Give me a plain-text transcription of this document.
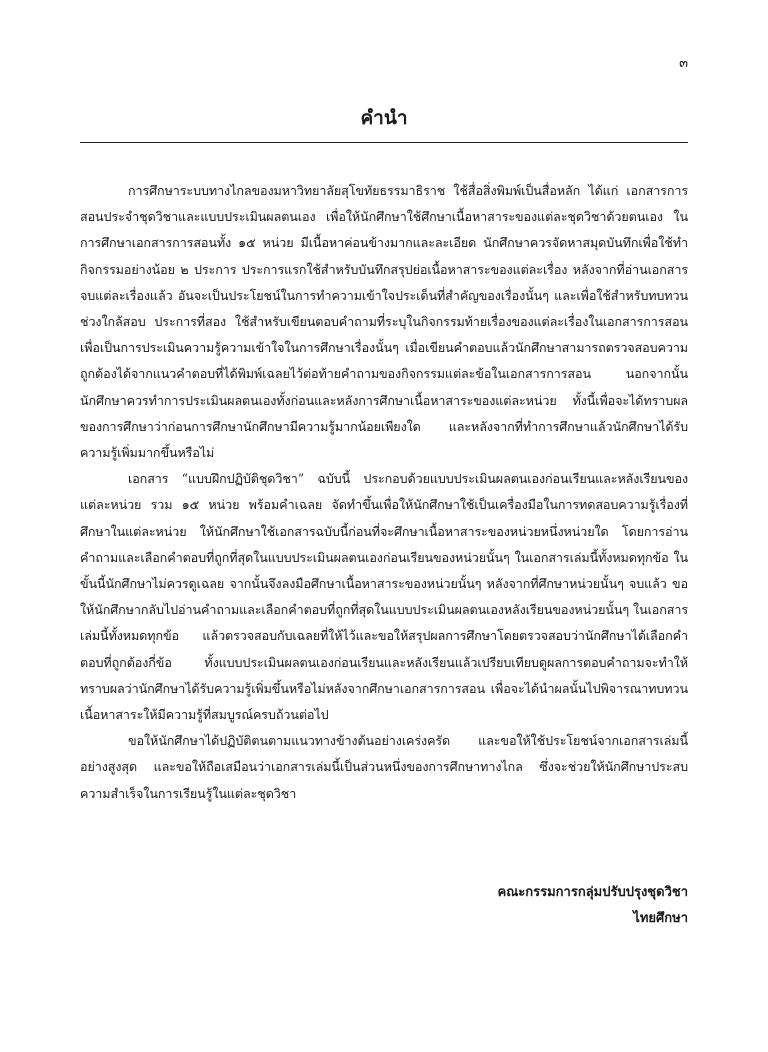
๓
คำนำ

การศึกษาระบบทางไกลของมหาวิทยาลัยสุโขทัยธรรมาธิราช ใช้สื่อสิ่งพิมพ์เป็นสื่อหลัก ได้แก่ เอกสารการสอนประจำชุดวิชาและแบบประเมินผลตนเอง เพื่อให้นักศึกษาใช้ศึกษาเนื้อหาสาระของแต่ละชุดวิชาด้วยตนเอง ในการศึกษาเอกสารการสอนทั้ง ๑๕ หน่วย มีเนื้อหาค่อนข้างมากและละเอียด นักศึกษาควรจัดหาสมุดบันทึกเพื่อใช้ทำกิจกรรมอย่างน้อย ๒ ประการ ประการแรกใช้สำหรับบันทึกสรุปย่อเนื้อหาสาระของแต่ละเรื่อง หลังจากที่อ่านเอกสารจบแต่ละเรื่องแล้ว อันจะเป็นประโยชน์ในการทำความเข้าใจประเด็นที่สำคัญของเรื่องนั้นๆ และเพื่อใช้สำหรับทบทวนช่วงใกล้สอบ ประการที่สอง ใช้สำหรับเขียนตอบคำถามที่ระบุในกิจกรรมท้ายเรื่องของแต่ละเรื่องในเอกสารการสอน เพื่อเป็นการประเมินความรู้ความเข้าใจในการศึกษาเรื่องนั้นๆ เมื่อเขียนคำตอบแล้วนักศึกษาสามารถตรวจสอบความถูกต้องได้จากแนวคำตอบที่ได้พิมพ์เฉลยไว้ต่อท้ายคำถามของกิจกรรมแต่ละข้อในเอกสารการสอน นอกจากนั้น นักศึกษาควรทำการประเมินผลตนเองทั้งก่อนและหลังการศึกษาเนื้อหาสาระของแต่ละหน่วย ทั้งนี้เพื่อจะได้ทราบผลของการศึกษาว่าก่อนการศึกษานักศึกษามีความรู้มากน้อยเพียงใด และหลังจากที่ทำการศึกษาแล้วนักศึกษาได้รับความรู้เพิ่มมากขึ้นหรือไม่

เอกสาร “แบบฝึกปฏิบัติชุดวิชา” ฉบับนี้ ประกอบด้วยแบบประเมินผลตนเองก่อนเรียนและหลังเรียนของแต่ละหน่วย รวม ๑๕ หน่วย พร้อมคำเฉลย จัดทำขึ้นเพื่อให้นักศึกษาใช้เป็นเครื่องมือในการทดสอบความรู้เรื่องที่ศึกษาในแต่ละหน่วย ให้นักศึกษาใช้เอกสารฉบับนี้ก่อนที่จะศึกษาเนื้อหาสาระของหน่วยหนึ่งหน่วยใด โดยการอ่านคำถามและเลือกคำตอบที่ถูกที่สุดในแบบประเมินผลตนเองก่อนเรียนของหน่วยนั้นๆ ในเอกสารเล่มนี้ทั้งหมดทุกข้อ ในขั้นนี้นักศึกษาไม่ควรดูเฉลย จากนั้นจึงลงมือศึกษาเนื้อหาสาระของหน่วยนั้นๆ หลังจากที่ศึกษาหน่วยนั้นๆ จบแล้ว ขอให้นักศึกษากลับไปอ่านคำถามและเลือกคำตอบที่ถูกที่สุดในแบบประเมินผลตนเองหลังเรียนของหน่วยนั้นๆ ในเอกสารเล่มนี้ทั้งหมดทุกข้อ แล้วตรวจสอบกับเฉลยที่ให้ไว้และขอให้สรุปผลการศึกษาโดยตรวจสอบว่านักศึกษาได้เลือกคำตอบที่ถูกต้องกี่ข้อ ทั้งแบบประเมินผลตนเองก่อนเรียนและหลังเรียนแล้วเปรียบเทียบดูผลการตอบคำถามจะทำให้ทราบผลว่านักศึกษาได้รับความรู้เพิ่มขึ้นหรือไม่หลังจากศึกษาเอกสารการสอน เพื่อจะได้นำผลนั้นไปพิจารณาทบทวนเนื้อหาสาระให้มีความรู้ที่สมบูรณ์ครบถ้วนต่อไป

ขอให้นักศึกษาได้ปฏิบัติตนตามแนวทางข้างต้นอย่างเคร่งครัด และขอให้ใช้ประโยชน์จากเอกสารเล่มนี้อย่างสูงสุด และขอให้ถือเสมือนว่าเอกสารเล่มนี้เป็นส่วนหนึ่งของการศึกษาทางไกล ซึ่งจะช่วยให้นักศึกษาประสบความสำเร็จในการเรียนรู้ในแต่ละชุดวิชา

คณะกรรมการกลุ่มปรับปรุงชุดวิชา
ไทยศึกษา
